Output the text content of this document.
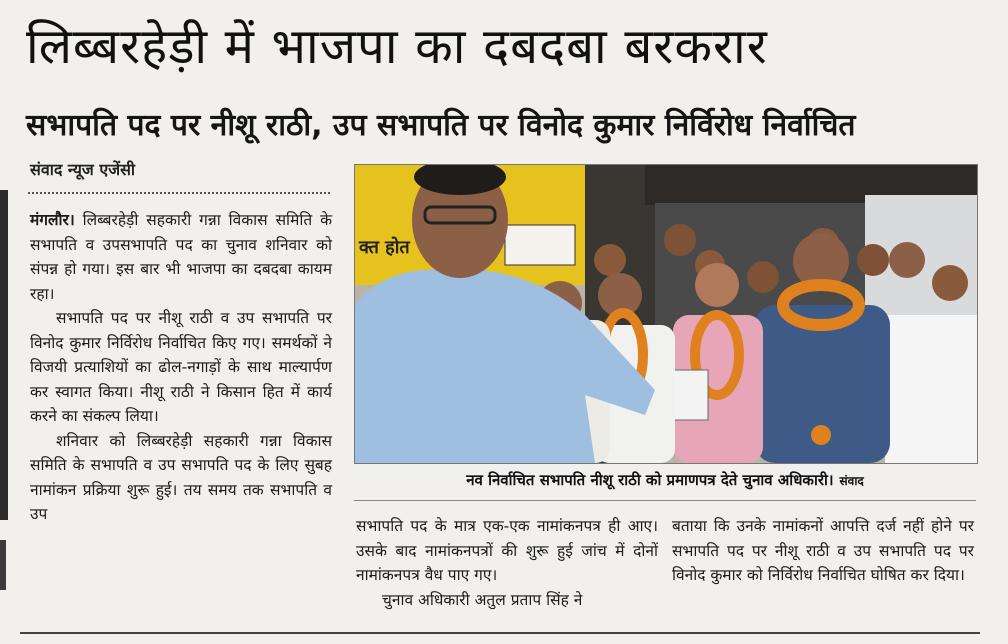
लिब्बरहेड़ी में भाजपा का दबदबा बरकरार
सभापति पद पर नीशू राठी, उप सभापति पर विनोद कुमार निर्विरोध निर्वाचित
संवाद न्यूज एजेंसी

मंगलौर। लिब्बरहेड़ी सहकारी गन्ना विकास समिति के सभापति व उपसभापति पद का चुनाव शनिवार को संपन्न हो गया। इस बार भी भाजपा का दबदबा कायम रहा।

सभापति पद पर नीशू राठी व उप सभापति पर विनोद कुमार निर्विरोध निर्वाचित किए गए। समर्थकों ने विजयी प्रत्याशियों का ढोल-नगाड़ों के साथ माल्यार्पण कर स्वागत किया। नीशू राठी ने किसान हित में कार्य करने का संकल्प लिया।

शनिवार को लिब्बरहेड़ी सहकारी गन्ना विकास समिति के सभापति व उप सभापति पद के लिए सुबह नामांकन प्रक्रिया शुरू हुई। तय समय तक सभापति व उप

क्त होत
नव निर्वाचित सभापति नीशू राठी को प्रमाणपत्र देते चुनाव अधिकारी। संवाद

सभापति पद के मात्र एक-एक नामांकनपत्र ही आए। उसके बाद नामांकनपत्रों की शुरू हुई जांच में दोनों नामांकनपत्र वैध पाए गए।

चुनाव अधिकारी अतुल प्रताप सिंह ने

बताया कि उनके नामांकनों आपत्ति दर्ज नहीं होने पर सभापति पद पर नीशू राठी व उप सभापति पद पर विनोद कुमार को निर्विरोध निर्वाचित घोषित कर दिया।
